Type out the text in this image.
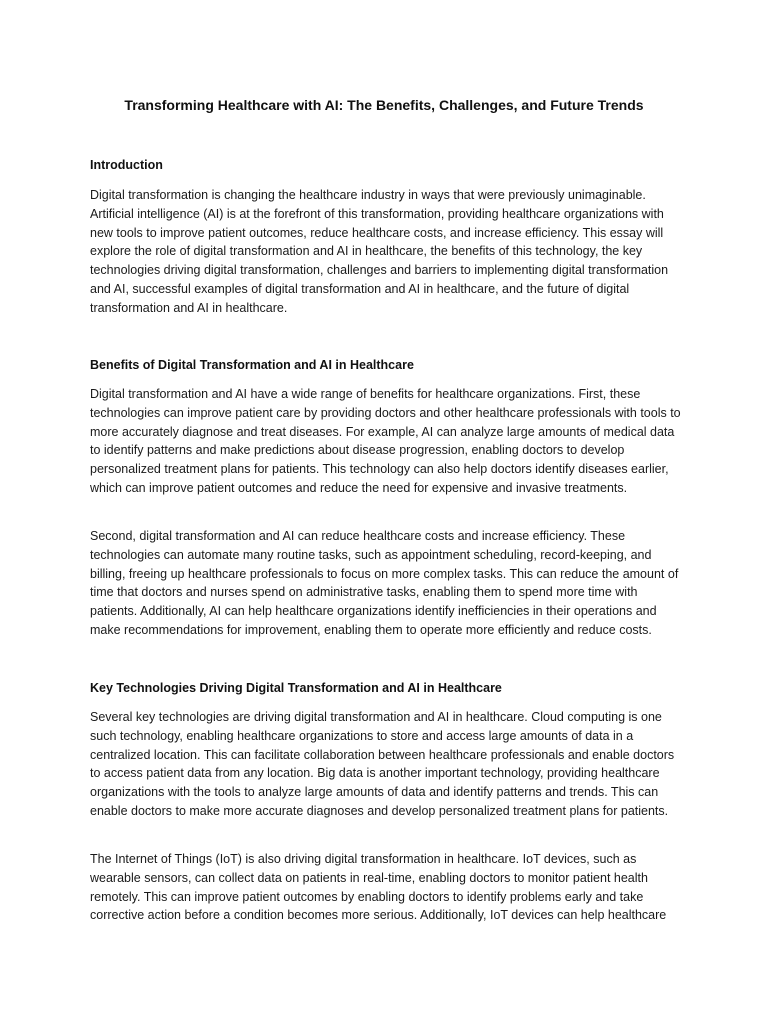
Transforming Healthcare with AI: The Benefits, Challenges, and Future Trends
Introduction

Digital transformation is changing the healthcare industry in ways that were previously unimaginable. Artificial intelligence (AI) is at the forefront of this transformation, providing healthcare organizations with new tools to improve patient outcomes, reduce healthcare costs, and increase efficiency. This essay will explore the role of digital transformation and AI in healthcare, the benefits of this technology, the key technologies driving digital transformation, challenges and barriers to implementing digital transformation and AI, successful examples of digital transformation and AI in healthcare, and the future of digital transformation and AI in healthcare.

Benefits of Digital Transformation and AI in Healthcare

Digital transformation and AI have a wide range of benefits for healthcare organizations. First, these technologies can improve patient care by providing doctors and other healthcare professionals with tools to more accurately diagnose and treat diseases. For example, AI can analyze large amounts of medical data to identify patterns and make predictions about disease progression, enabling doctors to develop personalized treatment plans for patients. This technology can also help doctors identify diseases earlier, which can improve patient outcomes and reduce the need for expensive and invasive treatments.

Second, digital transformation and AI can reduce healthcare costs and increase efficiency. These technologies can automate many routine tasks, such as appointment scheduling, record-keeping, and billing, freeing up healthcare professionals to focus on more complex tasks. This can reduce the amount of time that doctors and nurses spend on administrative tasks, enabling them to spend more time with patients. Additionally, AI can help healthcare organizations identify inefficiencies in their operations and make recommendations for improvement, enabling them to operate more efficiently and reduce costs.

Key Technologies Driving Digital Transformation and AI in Healthcare

Several key technologies are driving digital transformation and AI in healthcare. Cloud computing is one such technology, enabling healthcare organizations to store and access large amounts of data in a centralized location. This can facilitate collaboration between healthcare professionals and enable doctors to access patient data from any location. Big data is another important technology, providing healthcare organizations with the tools to analyze large amounts of data and identify patterns and trends. This can enable doctors to make more accurate diagnoses and develop personalized treatment plans for patients.

The Internet of Things (IoT) is also driving digital transformation in healthcare. IoT devices, such as wearable sensors, can collect data on patients in real-time, enabling doctors to monitor patient health remotely. This can improve patient outcomes by enabling doctors to identify problems early and take corrective action before a condition becomes more serious. Additionally, IoT devices can help healthcare
